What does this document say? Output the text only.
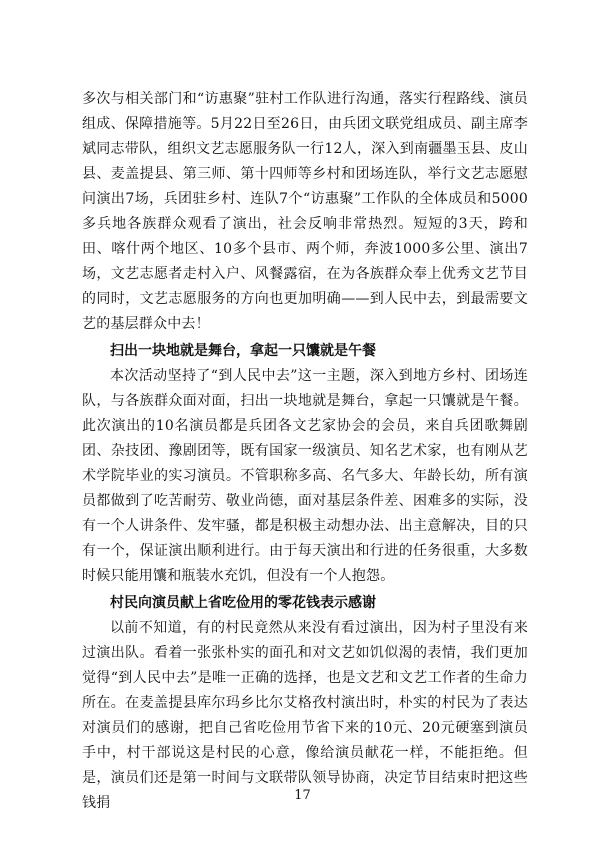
多次与相关部门和“访惠聚”驻村工作队进行沟通，落实行程路线、演员组成、保障措施等。5月22日至26日，由兵团文联党组成员、副主席李斌同志带队，组织文艺志愿服务队一行12人，深入到南疆墨玉县、皮山县、麦盖提县、第三师、第十四师等乡村和团场连队，举行文艺志愿慰问演出7场，兵团驻乡村、连队7个“访惠聚”工作队的全体成员和5000多兵地各族群众观看了演出，社会反响非常热烈。短短的3天，跨和田、喀什两个地区、10多个县市、两个师，奔波1000多公里、演出7场，文艺志愿者走村入户、风餐露宿，在为各族群众奉上优秀文艺节目的同时，文艺志愿服务的方向也更加明确——到人民中去，到最需要文艺的基层群众中去！

扫出一块地就是舞台，拿起一只馕就是午餐

本次活动坚持了“到人民中去”这一主题，深入到地方乡村、团场连队，与各族群众面对面，扫出一块地就是舞台，拿起一只馕就是午餐。此次演出的10名演员都是兵团各文艺家协会的会员，来自兵团歌舞剧团、杂技团、豫剧团等，既有国家一级演员、知名艺术家，也有刚从艺术学院毕业的实习演员。不管职称多高、名气多大、年龄长幼，所有演员都做到了吃苦耐劳、敬业尚德，面对基层条件差、困难多的实际，没有一个人讲条件、发牢骚，都是积极主动想办法、出主意解决，目的只有一个，保证演出顺利进行。由于每天演出和行进的任务很重，大多数时候只能用馕和瓶装水充饥，但没有一个人抱怨。

村民向演员献上省吃俭用的零花钱表示感谢

以前不知道，有的村民竟然从来没有看过演出，因为村子里没有来过演出队。看着一张张朴实的面孔和对文艺如饥似渴的表情，我们更加觉得“到人民中去”是唯一正确的选择，也是文艺和文艺工作者的生命力所在。在麦盖提县库尔玛乡比尔艾格孜村演出时，朴实的村民为了表达对演员们的感谢，把自己省吃俭用节省下来的10元、20元硬塞到演员手中，村干部说这是村民的心意，像给演员献花一样，不能拒绝。但是，演员们还是第一时间与文联带队领导协商，决定节目结束时把这些钱捐	17
